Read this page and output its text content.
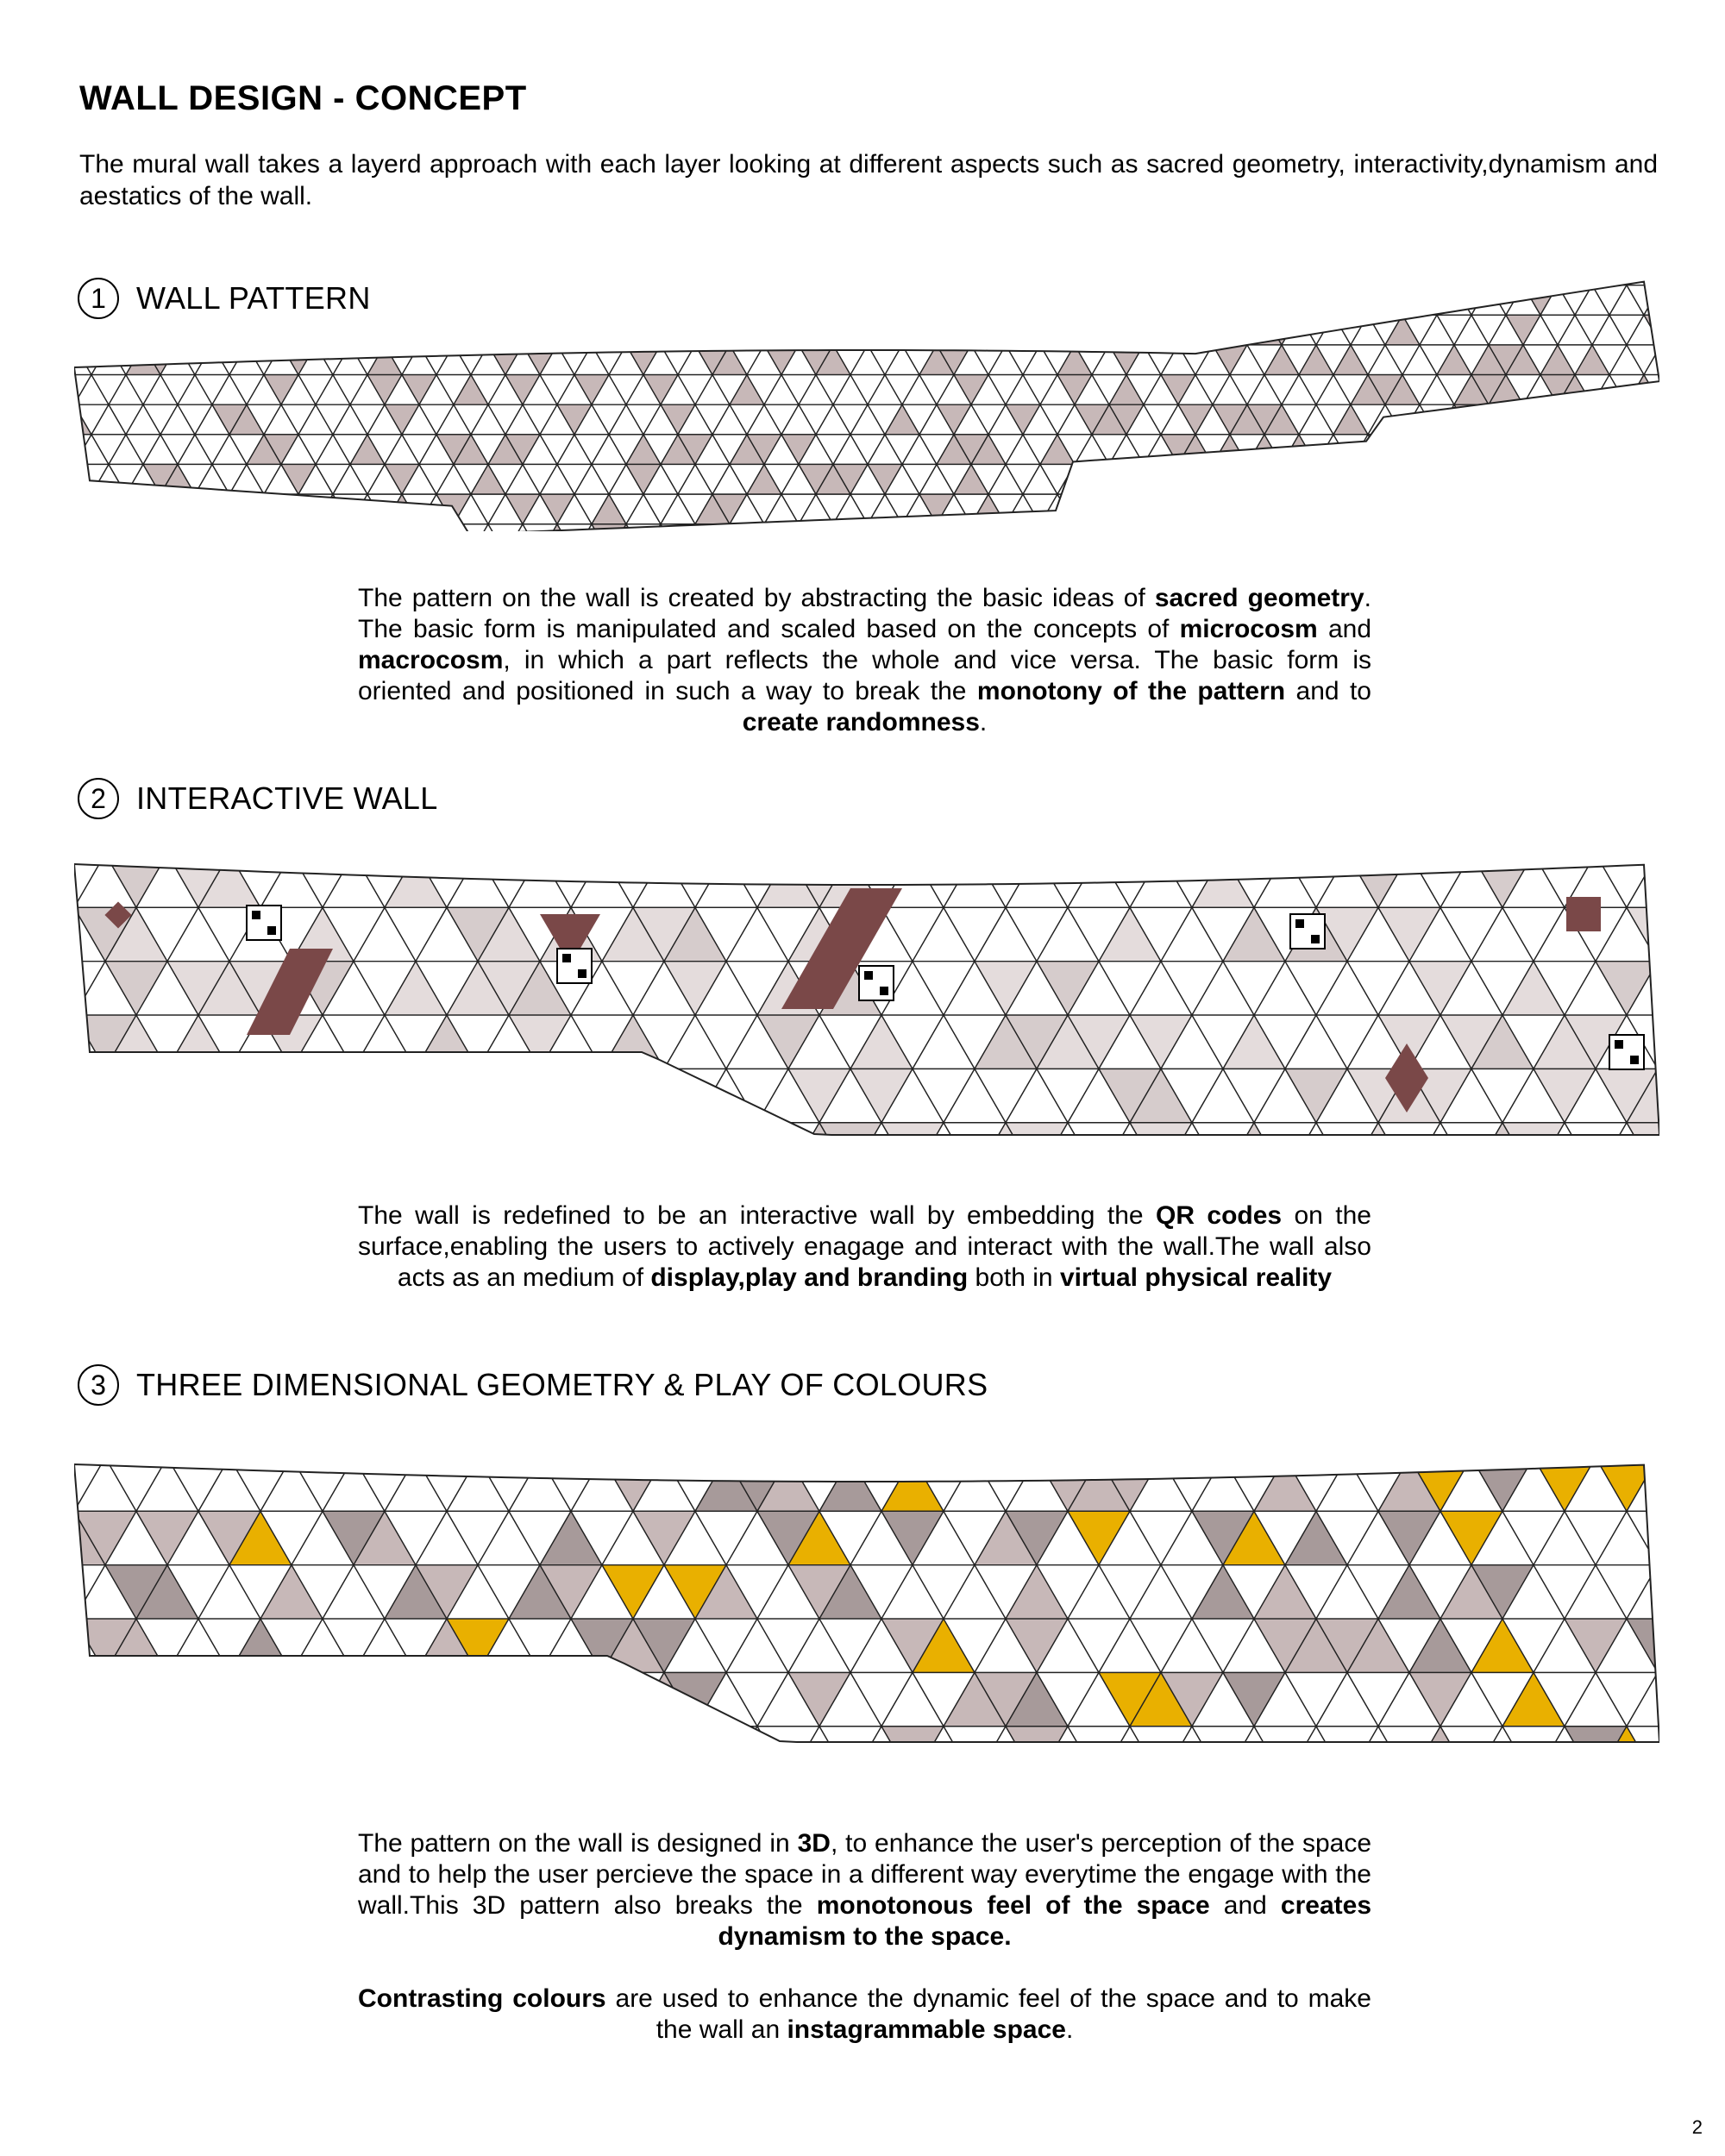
WALL DESIGN - CONCEPT
The mural wall takes a layerd approach with each layer looking at different aspects such as sacred geometry, interactivity,dynamism and aestatics of the wall.
1 WALL PATTERN
The pattern on the wall is created by abstracting the basic ideas of sacred geometry. The basic form is manipulated and scaled based on the concepts of microcosm and macrocosm, in which a part reflects the whole and vice versa. The basic form is oriented and positioned in such a way to break the monotony of the pattern and to create randomness.
2 INTERACTIVE WALL
The wall is redefined to be an interactive wall by embedding the QR codes on the surface,enabling the users to actively enagage and interact with the wall.The wall also acts as an medium of display,play and branding both in virtual physical reality
3 THREE DIMENSIONAL GEOMETRY & PLAY OF COLOURS
The pattern on the wall is designed in 3D, to enhance the user's perception of the space and to help the user percieve the space in a different way everytime the engage with the wall.This 3D pattern also breaks the monotonous feel of the space and creates dynamism to the space.
Contrasting colours are used to enhance the dynamic feel of the space and to make the wall an instagrammable space.
2
